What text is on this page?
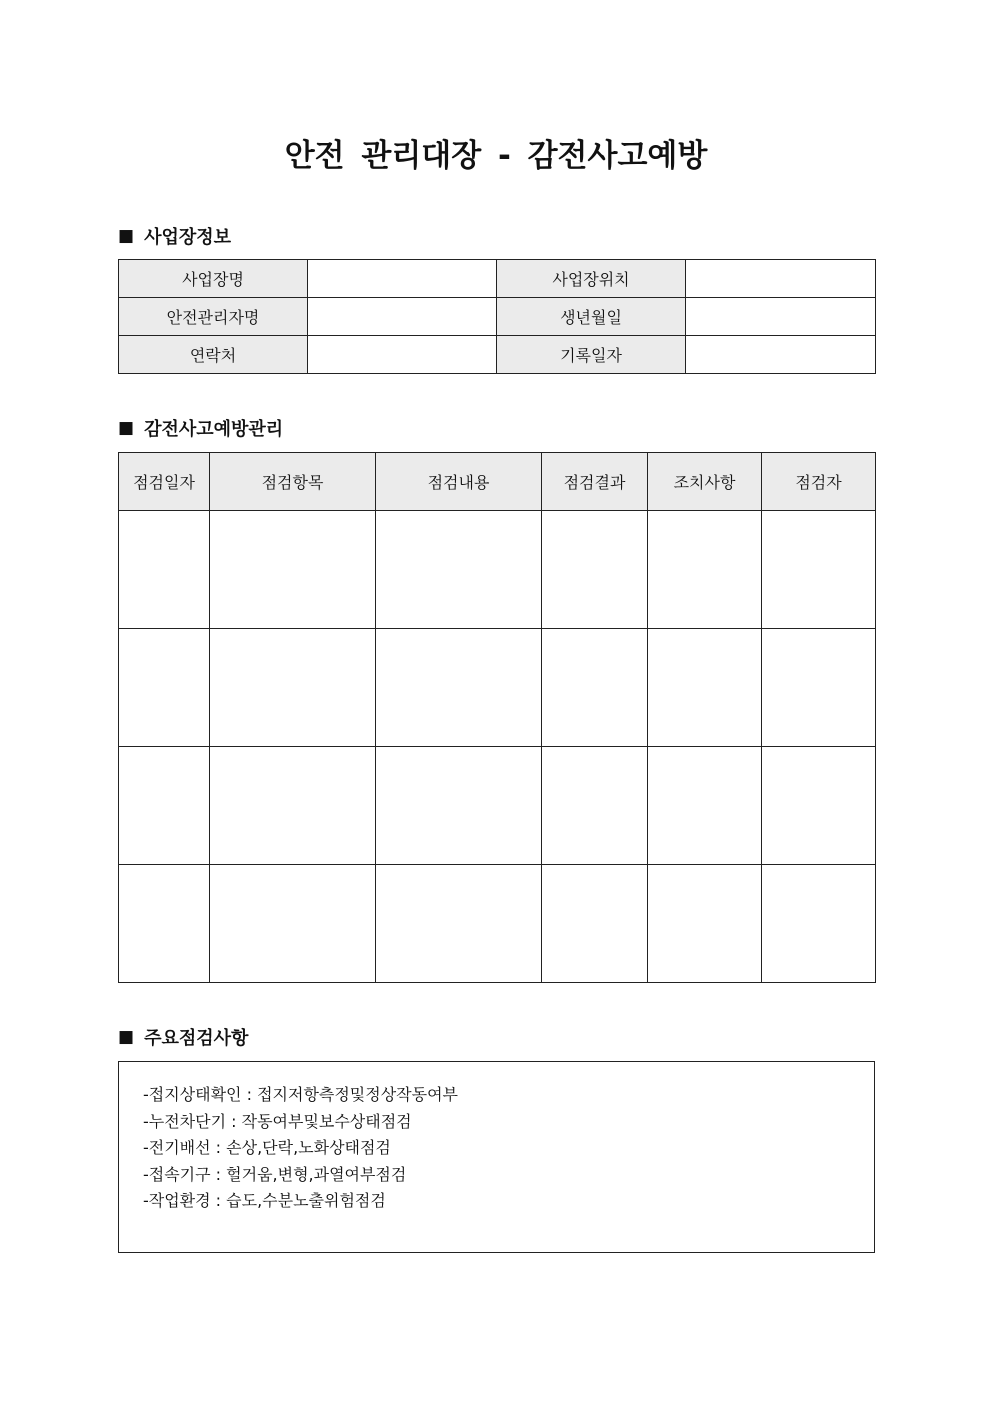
안전 관리대장 - 감전사고예방
■ 사업장정보
사업장명		사업장위치	
안전관리자명		생년월일	
연락처		기록일자	
■ 감전사고예방관리
점검일자	점검항목	점검내용	점검결과	조치사항	점검자

■ 주요점검사항
-접지상태확인 : 접지저항측정및정상작동여부
-누전차단기 : 작동여부및보수상태점검
-전기배선 : 손상,단락,노화상태점검
-접속기구 : 헐거움,변형,과열여부점검
-작업환경 : 습도,수분노출위험점검
